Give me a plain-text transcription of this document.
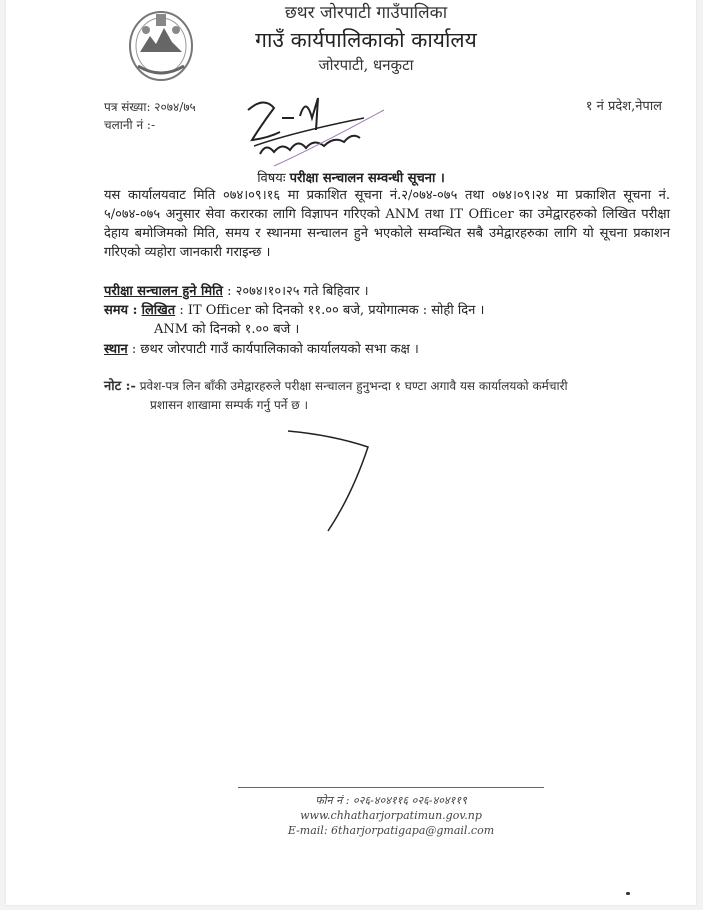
छथर जोरपाटी गाउँपालिका
गाउँ कार्यपालिकाको कार्यालय
जोरपाटी, धनकुटा
पत्र संख्या: २०७४/७५
चलानी नं :-
१ नं प्रदेश,नेपाल
विषयः परीक्षा सन्चालन सम्वन्धी सूचना ।
यस कार्यालयवाट मिति ०७४।०९।१६ मा प्रकाशित सूचना नं.२/०७४-०७५ तथा ०७४।०९।२४ मा प्रकाशित सूचना नं. ५/०७४-०७५ अनुसार सेवा करारका लागि विज्ञापन गरिएको ANM तथा IT Officer का उमेद्वारहरुको लिखित परीक्षा देहाय बमोजिमको मिति, समय र स्थानमा सन्चालन हुने भएकोले सम्वन्धित सबै उमेद्वारहरुका लागि यो सूचना प्रकाशन गरिएको व्यहोरा जानकारी गराइन्छ ।
परीक्षा सन्चालन हुने मिति : २०७४।१०।२५ गते बिहिवार ।
समय : लिखित : IT Officer को दिनको ११.०० बजे, प्रयोगात्मक : सोही दिन ।
ANM को दिनको १.०० बजे ।
स्थान : छथर जोरपाटी गाउँ कार्यपालिकाको कार्यालयको सभा कक्ष ।
नोट :- प्रवेश-पत्र लिन बाँकी उमेद्वारहरुले परीक्षा सन्चालन हुनुभन्दा १ घण्टा अगावै यस कार्यालयको कर्मचारी
प्रशासन शाखामा सम्पर्क गर्नु पर्ने छ ।
फोन नं : ०२६-४०४११६ ०२६-४०४११९
www.chhatharjorpatimun.gov.np
E-mail: 6tharjorpatigapa@gmail.com
